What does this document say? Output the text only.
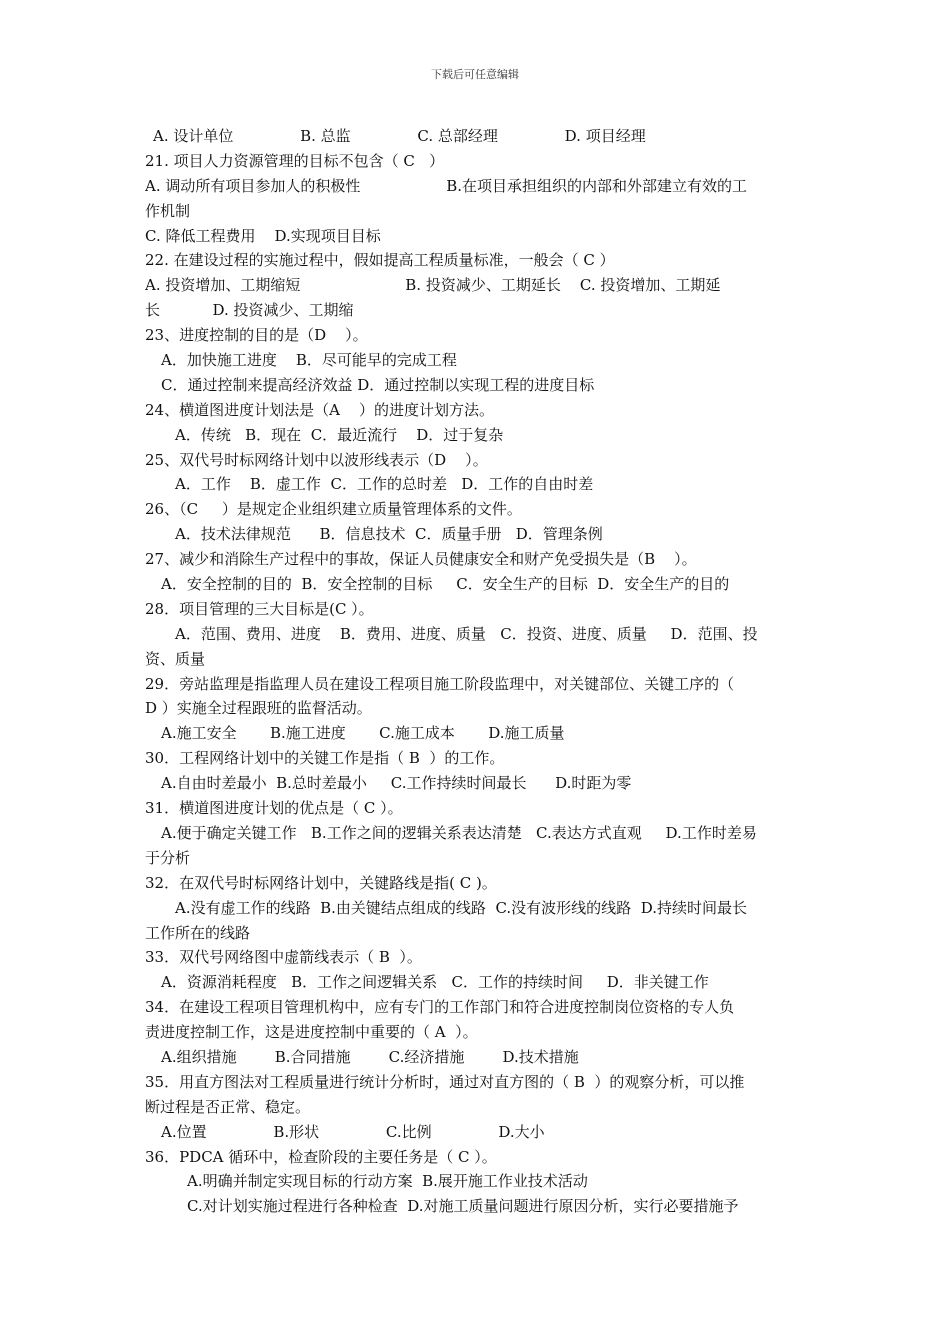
下载后可任意编辑
A. 设计单位              B. 总监              C. 总部经理              D. 项目经理
21. 项目人力资源管理的目标不包含（ C   ）
A. 调动所有项目参加人的积极性                  B.在项目承担组织的内部和外部建立有效的工
作机制
C. 降低工程费用    D.实现项目目标
22. 在建设过程的实施过程中，假如提高工程质量标准，一般会（ C ）
A. 投资增加、工期缩短                      B. 投资减少、工期延长    C. 投资增加、工期延
长           D. 投资减少、工期缩
23、进度控制的目的是（D    ）。
A．加快施工进度    B．尽可能早的完成工程
C．通过控制来提高经济效益 D．通过控制以实现工程的进度目标
24、横道图进度计划法是（A    ）的进度计划方法。
A．传统   B．现在  C．最近流行    D．过于复杂
25、双代号时标网络计划中以波形线表示（D    ）。
A．工作    B．虚工作  C．工作的总时差   D．工作的自由时差
26、（C     ）是规定企业组织建立质量管理体系的文件。
A．技术法律规范      B．信息技术  C．质量手册   D．管理条例
27、减少和消除生产过程中的事故，保证人员健康安全和财产免受损失是（B    ）。
A．安全控制的目的  B．安全控制的目标     C．安全生产的目标  D．安全生产的目的
28．项目管理的三大目标是(C ）。
A．范围、费用、进度    B．费用、进度、质量   C．投资、进度、质量     D．范围、投
资、质量
29．旁站监理是指监理人员在建设工程项目施工阶段监理中，对关键部位、关键工序的（
D ）实施全过程跟班的监督活动。
A.施工安全       B.施工进度       C.施工成本       D.施工质量
30．工程网络计划中的关键工作是指（ B  ）的工作。
A.自由时差最小  B.总时差最小     C.工作持续时间最长      D.时距为零
31．横道图进度计划的优点是（ C ）。
A.便于确定关键工作   B.工作之间的逻辑关系表达清楚   C.表达方式直观     D.工作时差易
于分析
32．在双代号时标网络计划中，关键路线是指( C )。
A.没有虚工作的线路  B.由关键结点组成的线路  C.没有波形线的线路  D.持续时间最长
工作所在的线路
33．双代号网络图中虚箭线表示（ B  ）。
A．资源消耗程度   B．工作之间逻辑关系   C．工作的持续时间     D．非关键工作
34．在建设工程项目管理机构中，应有专门的工作部门和符合进度控制岗位资格的专人负
责进度控制工作，这是进度控制中重要的（ A  ）。
A.组织措施        B.合同措施        C.经济措施        D.技术措施
35．用直方图法对工程质量进行统计分析时，通过对直方图的（ B  ）的观察分析，可以推
断过程是否正常、稳定。
A.位置              B.形状              C.比例              D.大小
36．PDCA 循环中，检查阶段的主要任务是（ C ）。
A.明确并制定实现目标的行动方案  B.展开施工作业技术活动
C.对计划实施过程进行各种检查  D.对施工质量问题进行原因分析，实行必要措施予
